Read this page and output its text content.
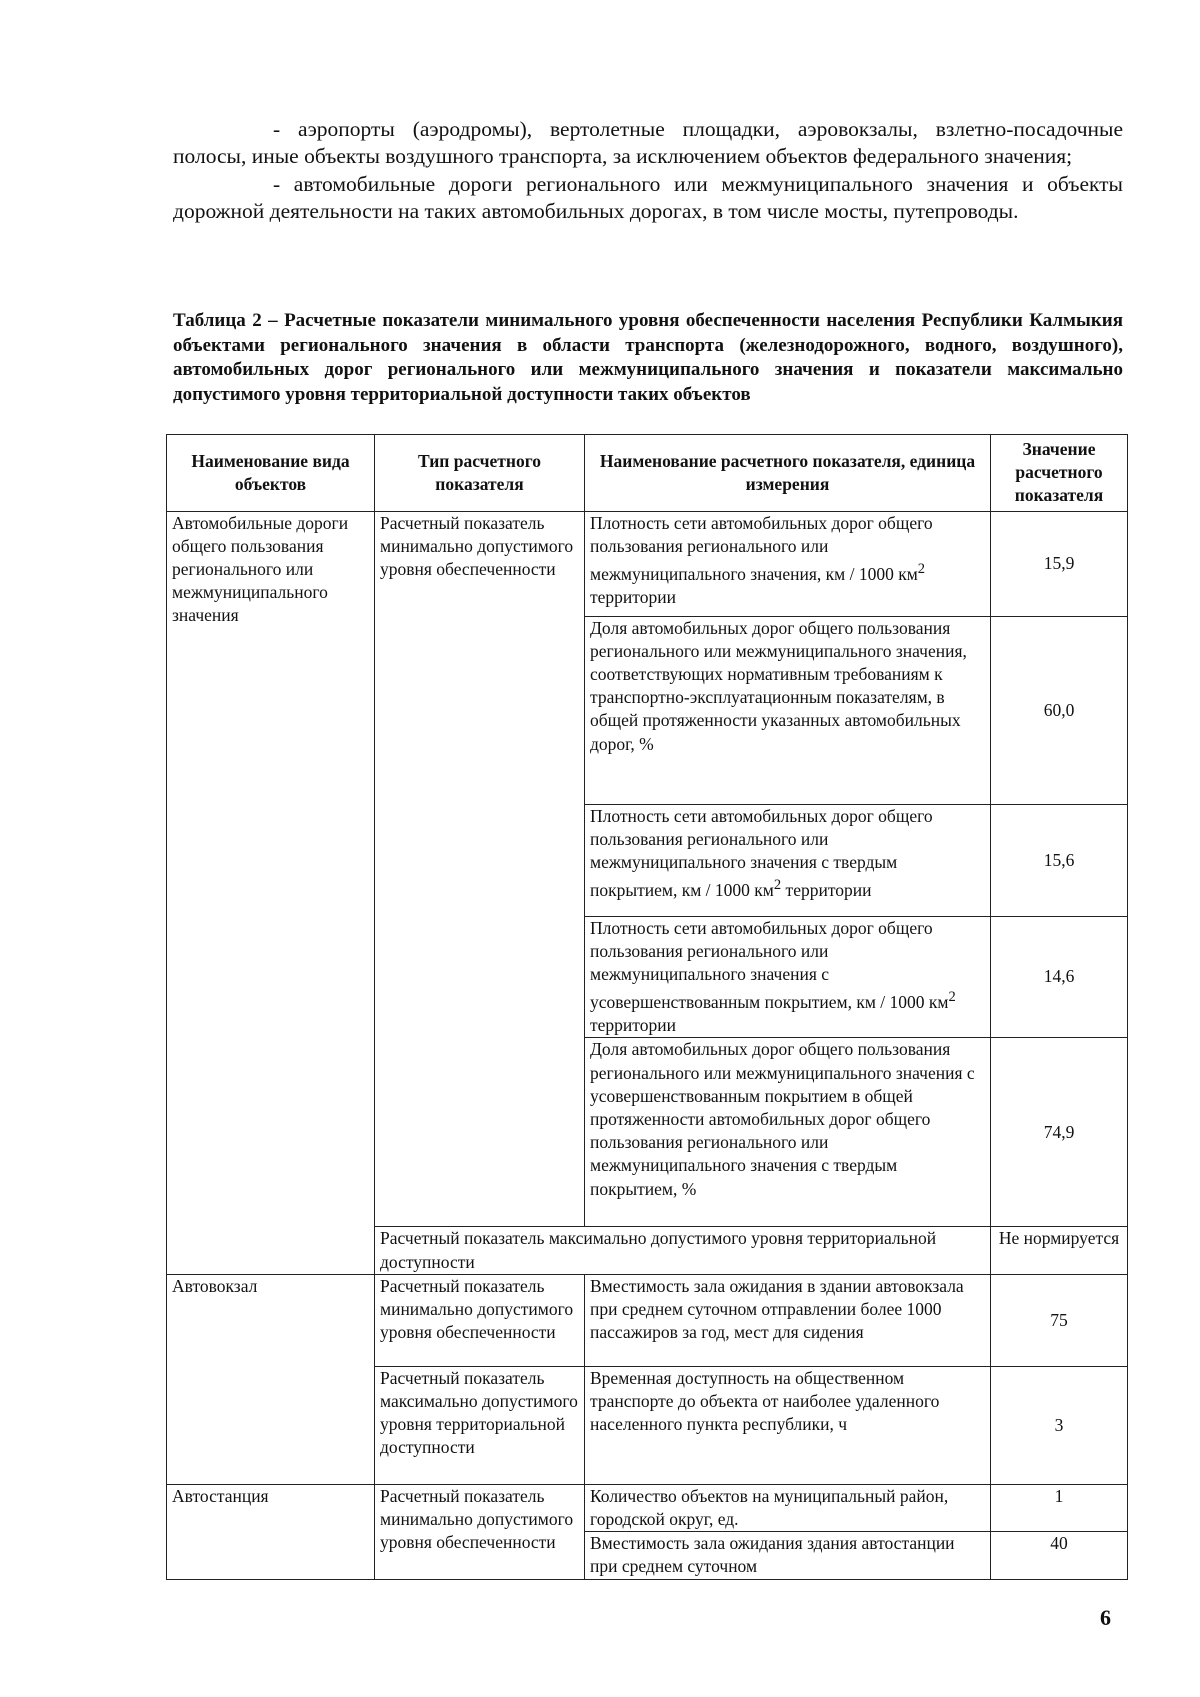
- аэропорты (аэродромы), вертолетные площадки, аэровокзалы, взлетно-посадочные полосы, иные объекты воздушного транспорта, за исключением объектов федерального значения;

- автомобильные дороги регионального или межмуниципального значения и объекты дорожной деятельности на таких автомобильных дорогах, в том числе мосты, путепроводы.

Таблица 2 – Расчетные показатели минимального уровня обеспеченности населения Республики Калмыкия объектами регионального значения в области транспорта (железнодорожного, водного, воздушного), автомобильных дорог регионального или межмуниципального значения и показатели максимально допустимого уровня территориальной доступности таких объектов
Наименование вида объектов	Тип расчетного показателя	Наименование расчетного показателя, единица измерения	Значение расчетного показателя
Автомобильные дороги общего пользования регионального или межмуниципального значения	Расчетный показатель минимально допустимого уровня обеспеченности	Плотность сети автомобильных дорог общего пользования регионального или межмуниципального значения, км / 1000 $км^2$ территории	15,9
		Доля автомобильных дорог общего пользования регионального или межмуниципального значения, соответствующих нормативным требованиям к транспортно-эксплуатационным показателям, в общей протяженности указанных автомобильных дорог, %	60,0
		Плотность сети автомобильных дорог общего пользования регионального или межмуниципального значения с твердым покрытием, км / 1000 $км^2$ территории	15,6
		Плотность сети автомобильных дорог общего пользования регионального или межмуниципального значения с усовершенствованным покрытием, км / 1000 $км^2$ территории	14,6
		Доля автомобильных дорог общего пользования регионального или межмуниципального значения с усовершенствованным покрытием в общей протяженности автомобильных дорог общего пользования регионального или межмуниципального значения с твердым покрытием, %	74,9
	Расчетный показатель максимально допустимого уровня территориальной доступности		Не нормируется
Автовокзал	Расчетный показатель минимально допустимого уровня обеспеченности	Вместимость зала ожидания в здании автовокзала при среднем суточном отправлении более 1000 пассажиров за год, мест для сидения	75
	Расчетный показатель максимально допустимого уровня территориальной доступности	Временная доступность на общественном транспорте до объекта от наиболее удаленного населенного пункта республики, ч	3
Автостанция	Расчетный показатель минимально допустимого уровня обеспеченности	Количество объектов на муниципальный район, городской округ, ед.	1
		Вместимость зала ожидания здания автостанции при среднем суточном	40
6
